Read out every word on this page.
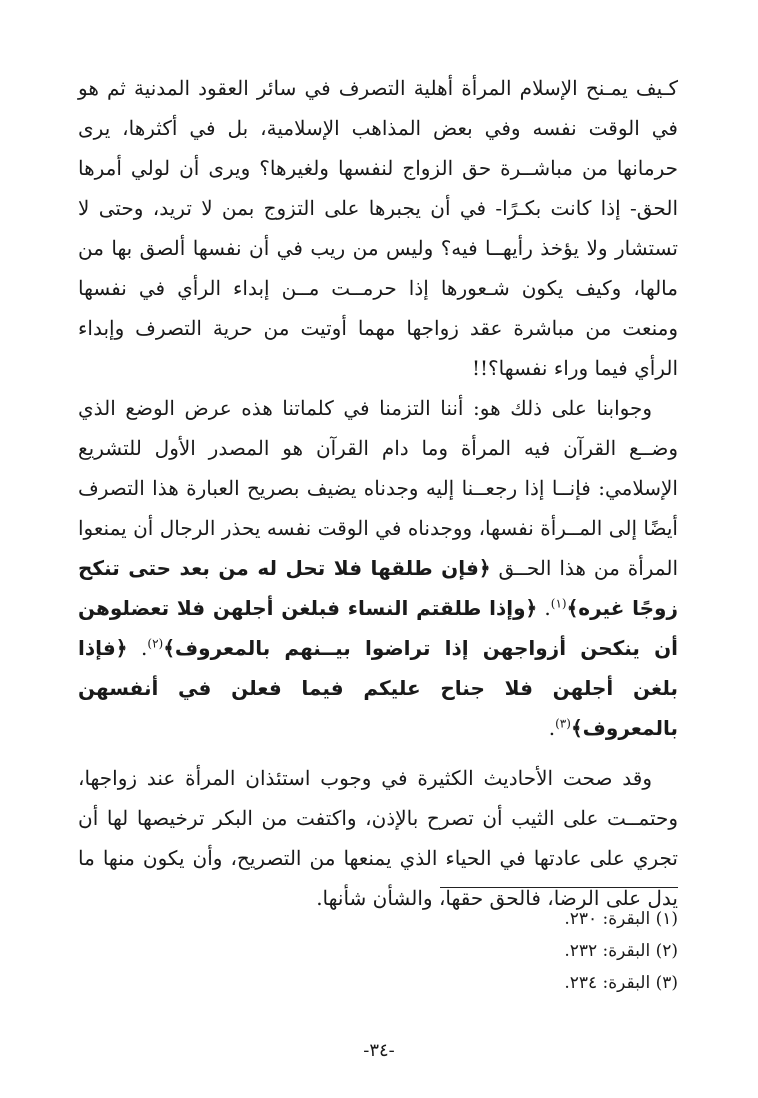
كـيف يمـنح الإسلام المرأة أهلية التصرف في سائر العقود المدنية ثم هو في الوقت نفسه وفي بعض المذاهب الإسلامية، بل في أكثرها، يرى حرمانها من مباشــرة حق الزواج لنفسها ولغيرها؟ ويرى أن لولي أمرها الحق- إذا كانت بكـرًا- في أن يجبرها على التزوج بمن لا تريد، وحتى لا تستشار ولا يؤخذ رأيهــا فيه؟ وليس من ريب في أن نفسها ألصق بها من مالها، وكيف يكون شـعورها إذا حرمــت مــن إبداء الرأي في نفسها ومنعت من مباشرة عقد زواجها مهما أوتيت من حرية التصرف وإبداء الرأي فيما وراء نفسها؟!!

وجوابنا على ذلك هو: أننا التزمنا في كلماتنا هذه عرض الوضع الذي وضــع القرآن فيه المرأة وما دام القرآن هو المصدر الأول للتشريع الإسلامي: فإنــا إذا رجعــنا إليه وجدناه يضيف بصريح العبارة هذا التصرف أيضًا إلى المــرأة نفسها، ووجدناه في الوقت نفسه يحذر الرجال أن يمنعوا المرأة من هذا الحــق ﴿فإن طلقها فلا تحل له من بعد حتى تنكح زوجًا غيره﴾$^{(١)}$. ﴿وإذا طلقتم النساء فبلغن أجلهن فلا تعضلوهن أن ينكحن أزواجهن إذا تراضوا بيــنهم بالمعروف﴾$^{(٢)}$. ﴿فإذا بلغن أجلهن فلا جناح عليكم فيما فعلن في أنفسهن بالمعروف﴾$^{(٣)}$.

وقد صحت الأحاديث الكثيرة في وجوب استئذان المرأة عند زواجها، وحتمــت على الثيب أن تصرح بالإذن، واكتفت من البكر ترخيصها لها أن تجري على عادتها في الحياء الذي يمنعها من التصريح، وأن يكون منها ما يدل على الرضا، فالحق حقها، والشأن شأنها.

(١) البقرة: ٢٣٠.
(٢) البقرة: ٢٣٢.
(٣) البقرة: ٢٣٤.
-٣٤-
